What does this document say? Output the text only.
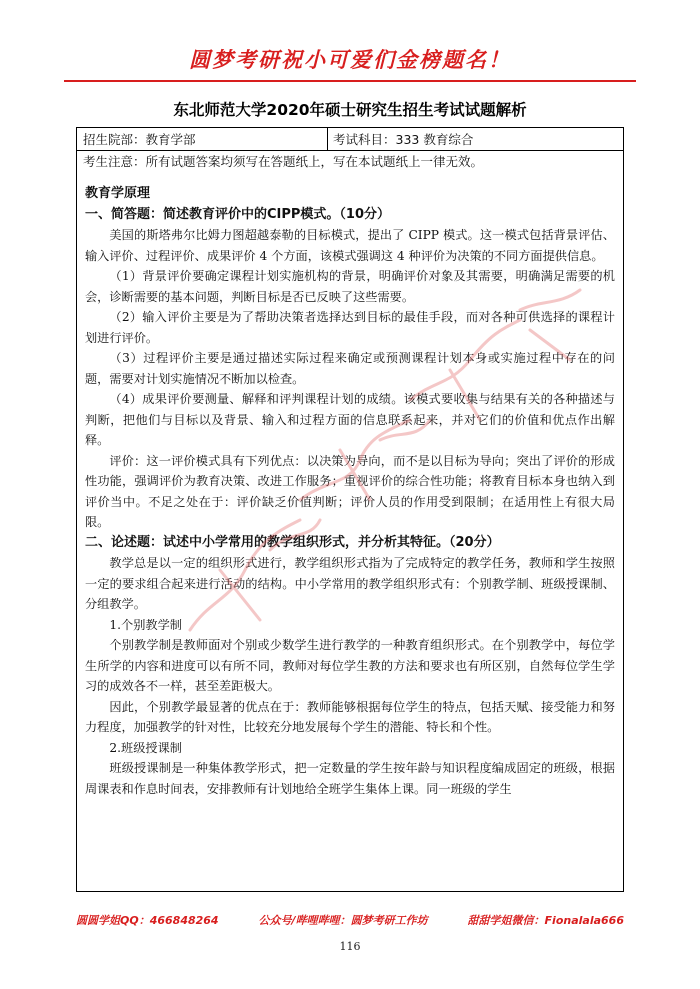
圆梦考研祝小可爱们金榜题名！
东北师范大学2020年硕士研究生招生考试试题解析
招生院部：教育学部	考试科目：333 教育综合
考生注意：所有试题答案均须写在答题纸上，写在本试题纸上一律无效。

教育学原理

一、简答题：简述教育评价中的CIPP模式。（10分）

美国的斯塔弗尔比姆力图超越泰勒的目标模式，提出了 CIPP 模式。这一模式包括背景评估、输入评价、过程评价、成果评价 4 个方面，该模式强调这 4 种评价为决策的不同方面提供信息。

（1）背景评价要确定课程计划实施机构的背景，明确评价对象及其需要，明确满足需要的机会，诊断需要的基本问题，判断目标是否已反映了这些需要。

（2）输入评价主要是为了帮助决策者选择达到目标的最佳手段，而对各种可供选择的课程计划进行评价。

（3）过程评价主要是通过描述实际过程来确定或预测课程计划本身或实施过程中存在的问题，需要对计划实施情况不断加以检查。

（4）成果评价要测量、解释和评判课程计划的成绩。该模式要收集与结果有关的各种描述与判断，把他们与目标以及背景、输入和过程方面的信息联系起来，并对它们的价值和优点作出解释。

评价：这一评价模式具有下列优点：以决策为导向，而不是以目标为导向；突出了评价的形成性功能，强调评价为教育决策、改进工作服务；重视评价的综合性功能；将教育目标本身也纳入到评价当中。不足之处在于：评价缺乏价值判断；评价人员的作用受到限制；在适用性上有很大局限。

二、论述题：试述中小学常用的教学组织形式，并分析其特征。（20分）

教学总是以一定的组织形式进行，教学组织形式指为了完成特定的教学任务，教师和学生按照一定的要求组合起来进行活动的结构。中小学常用的教学组织形式有：个别教学制、班级授课制、分组教学。

1.个别教学制

个别教学制是教师面对个别或少数学生进行教学的一种教育组织形式。在个别教学中，每位学生所学的内容和进度可以有所不同，教师对每位学生教的方法和要求也有所区别，自然每位学生学习的成效各不一样，甚至差距极大。

因此，个别教学最显著的优点在于：教师能够根据每位学生的特点，包括天赋、接受能力和努力程度，加强教学的针对性，比较充分地发展每个学生的潜能、特长和个性。

2.班级授课制

班级授课制是一种集体教学形式，把一定数量的学生按年龄与知识程度编成固定的班级，根据周课表和作息时间表，安排教师有计划地给全班学生集体上课。同一班级的学生

圆圆学姐QQ：466848264	公众号/哔哩哔哩：圆梦考研工作坊	甜甜学姐微信：Fionalala666
116
